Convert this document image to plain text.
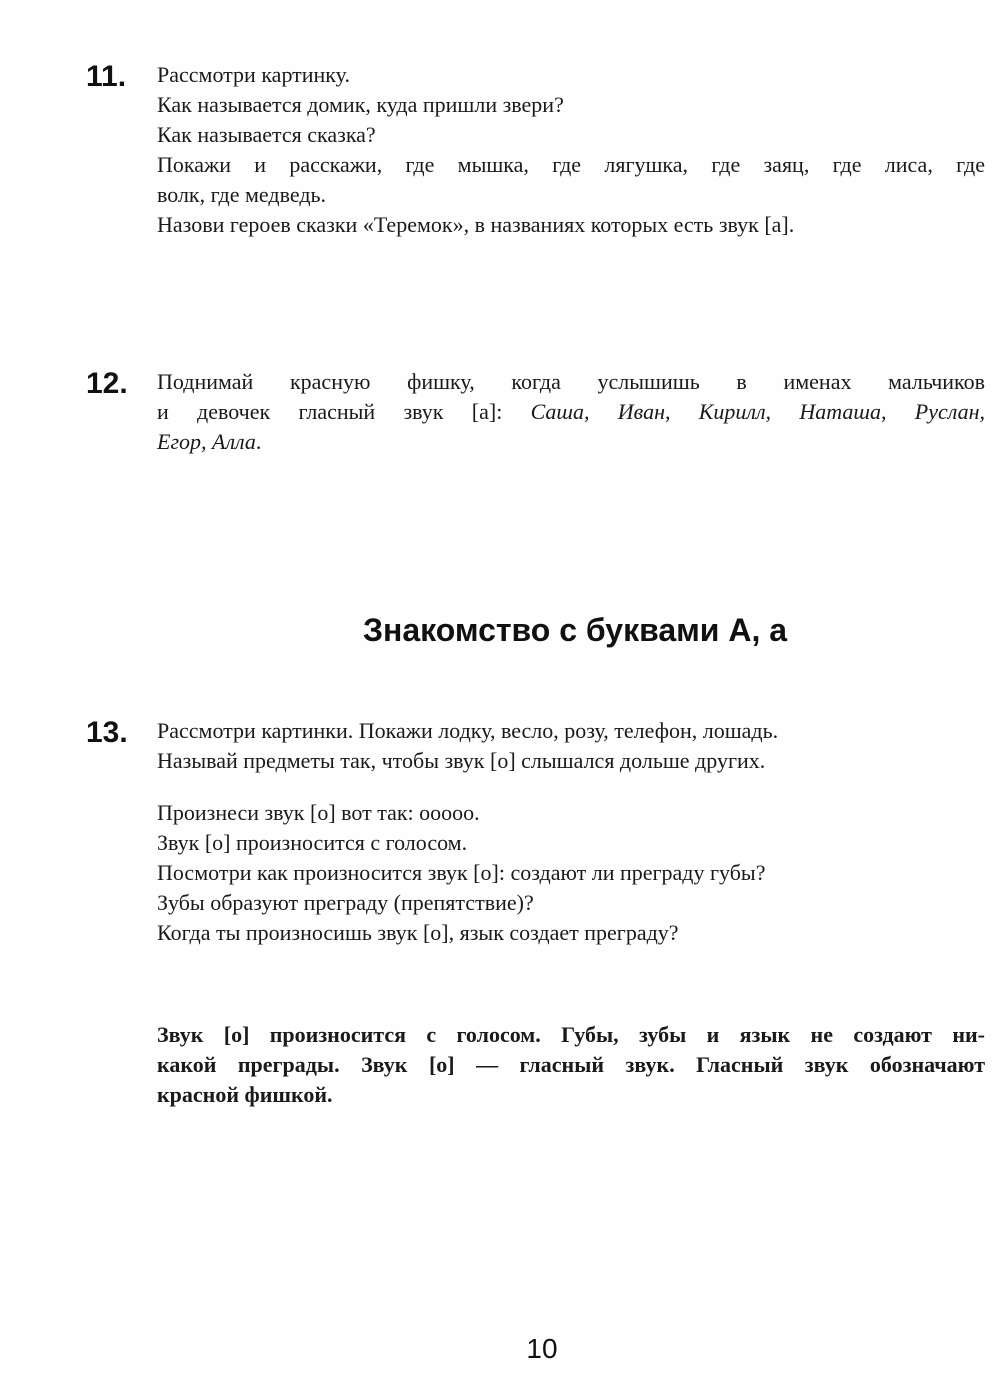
11. Рассмотри картинку.
Как называется домик, куда пришли звери?
Как называется сказка?
Покажи и расскажи, где мышка, где лягушка, где заяц, где лиса, где
волк, где медведь.
Назови героев сказки «Теремок», в названиях которых есть звук [а].
12. Поднимай красную фишку, когда услышишь в именах мальчиков
и девочек гласный звук [а]: Саша, Иван, Кирилл, Наташа, Руслан,
Егор, Алла.
Знакомство с буквами А, а
13. Рассмотри картинки. Покажи лодку, весло, розу, телефон, лошадь.
Называй предметы так, чтобы звук [о] слышался дольше других.
Произнеси звук [о] вот так: ооооо.
Звук [о] произносится с голосом.
Посмотри как произносится звук [о]: создают ли преграду губы?
Зубы образуют преграду (препятствие)?
Когда ты произносишь звук [о], язык создает преграду?
Звук [о] произносится с голосом. Губы, зубы и язык не создают ни-
какой преграды. Звук [о] — гласный звук. Гласный звук обозначают
красной фишкой.
10
